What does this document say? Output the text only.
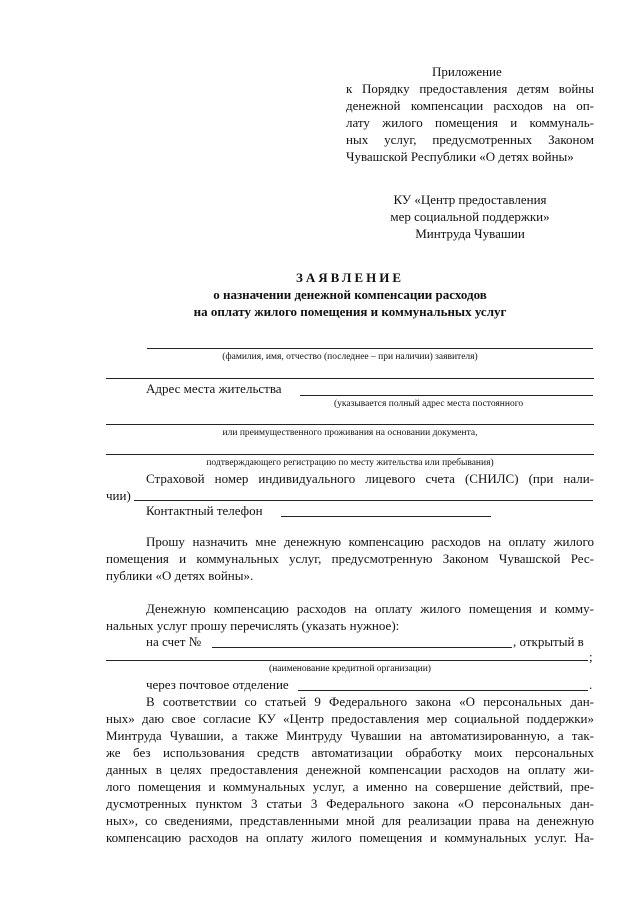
Приложение
к Порядку предоставления детям войны
денежной компенсации расходов на оп-
лату жилого помещения и коммуналь-
ных услуг, предусмотренных Законом
Чувашской Республики «О детях войны»
КУ «Центр предоставления
мер социальной поддержки»
Минтруда Чувашии
ЗАЯВЛЕНИЕ
о назначении денежной компенсации расходов
на оплату жилого помещения и коммунальных услуг
(фамилия, имя, отчество (последнее – при наличии) заявителя)
Адрес места жительства
(указывается полный адрес места постоянного
или преимущественного проживания на основании документа,
подтверждающего регистрацию по месту жительства или пребывания)
Страховой номер индивидуального лицевого счета (СНИЛС) (при нали-
чии)
Контактный телефон
Прошу назначить мне денежную компенсацию расходов на оплату жилого
помещения и коммунальных услуг, предусмотренную Законом Чувашской Рес-
публики «О детях войны».
Денежную компенсацию расходов на оплату жилого помещения и комму-
нальных услуг прошу перечислять (указать нужное):
на счет №	, открытый в
;
(наименование кредитной организации)
через почтовое отделение	.
В соответствии со статьей 9 Федерального закона «О персональных дан-
ных» даю свое согласие КУ «Центр предоставления мер социальной поддержки»
Минтруда Чувашии, а также Минтруду Чувашии на автоматизированную, а так-
же без использования средств автоматизации обработку моих персональных
данных в целях предоставления денежной компенсации расходов на оплату жи-
лого помещения и коммунальных услуг, а именно на совершение действий, пре-
дусмотренных пунктом 3 статьи 3 Федерального закона «О персональных дан-
ных», со сведениями, представленными мной для реализации права на денежную
компенсацию расходов на оплату жилого помещения и коммунальных услуг. На-
